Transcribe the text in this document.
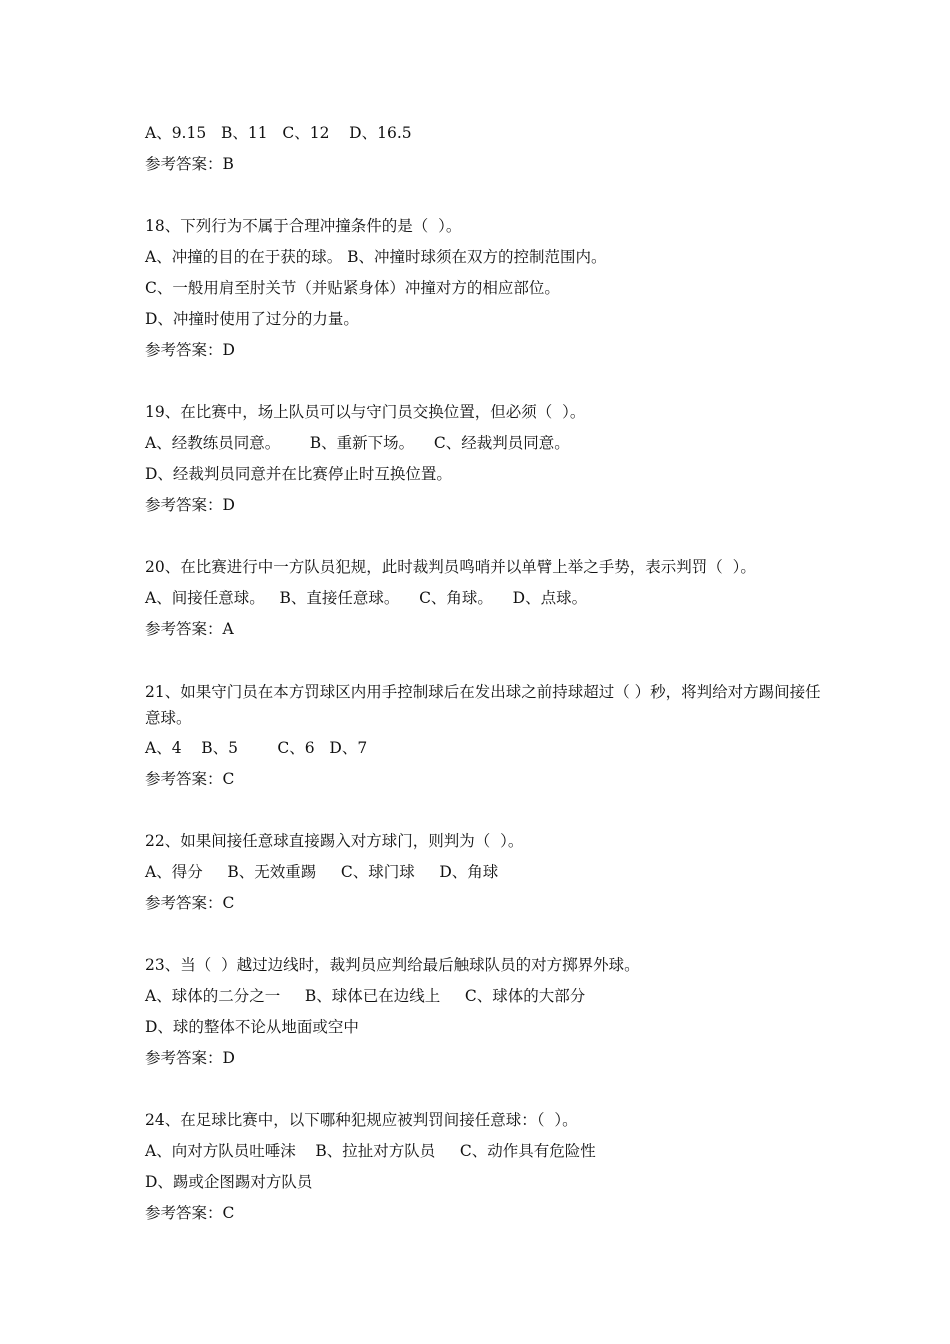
A、9.15   B、11   C、12    D、16.5
参考答案：B
18、下列行为不属于合理冲撞条件的是（  ）。
A、冲撞的目的在于获的球。 B、冲撞时球须在双方的控制范围内。
C、一般用肩至肘关节（并贴紧身体）冲撞对方的相应部位。
D、冲撞时使用了过分的力量。
参考答案：D
19、在比赛中，场上队员可以与守门员交换位置，但必须（  ）。
A、经教练员同意。      B、重新下场。    C、经裁判员同意。
D、经裁判员同意并在比赛停止时互换位置。
参考答案：D
20、在比赛进行中一方队员犯规，此时裁判员鸣哨并以单臂上举之手势，表示判罚（  ）。
A、间接任意球。   B、直接任意球。    C、角球。    D、点球。
参考答案：A
21、如果守门员在本方罚球区内用手控制球后在发出球之前持球超过（ ）秒，将判给对方踢间接任意球。
A、4    B、5        C、6   D、7
参考答案：C
22、如果间接任意球直接踢入对方球门，则判为（  ）。
A、得分     B、无效重踢     C、球门球     D、角球
参考答案：C
23、当（  ）越过边线时，裁判员应判给最后触球队员的对方掷界外球。
A、球体的二分之一     B、球体已在边线上     C、球体的大部分
D、球的整体不论从地面或空中
参考答案：D
24、在足球比赛中，以下哪种犯规应被判罚间接任意球：（  ）。
A、向对方队员吐唾沫    B、拉扯对方队员     C、动作具有危险性
D、踢或企图踢对方队员
参考答案：C
